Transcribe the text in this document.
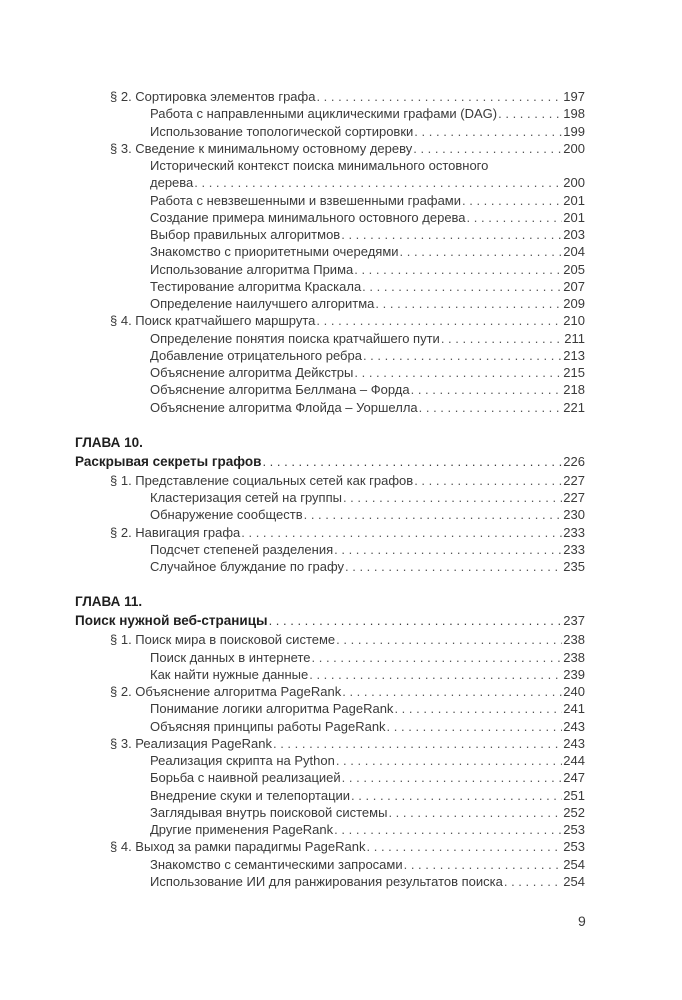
§ 2. Сортировка элементов графа . . .	197
Работа с направленными ациклическими графами (DAG) . . .	198
Использование топологической сортировки . . .	199
§ 3. Сведение к минимальному остовному дереву . . .	200
Исторический контекст поиска минимального остовного
дерева . . .	200
Работа с невзвешенными и взвешенными графами . . .	201
Создание примера минимального остовного дерева . . .	201
Выбор правильных алгоритмов . . .	203
Знакомство с приоритетными очередями . . .	204
Использование алгоритма Прима . . .	205
Тестирование алгоритма Краскала . . .	207
Определение наилучшего алгоритма . . .	209
§ 4. Поиск кратчайшего маршрута . . .	210
Определение понятия поиска кратчайшего пути . . .	211
Добавление отрицательного ребра . . .	213
Объяснение алгоритма Дейкстры . . .	215
Объяснение алгоритма Беллмана – Форда . . .	218
Объяснение алгоритма Флойда – Уоршелла . . .	221
ГЛАВА 10.
Раскрывая секреты графов . . .	226
§ 1. Представление социальных сетей как графов . . .	227
Кластеризация сетей на группы . . .	227
Обнаружение сообществ . . .	230
§ 2. Навигация графа . . .	233
Подсчет степеней разделения . . .	233
Случайное блуждание по графу . . .	235
ГЛАВА 11.
Поиск нужной веб-страницы . . .	237
§ 1. Поиск мира в поисковой системе . . .	238
Поиск данных в интернете . . .	238
Как найти нужные данные . . .	239
§ 2. Объяснение алгоритма PageRank . . .	240
Понимание логики алгоритма PageRank . . .	241
Объясняя принципы работы PageRank . . .	243
§ 3. Реализация PageRank . . .	243
Реализация скрипта на Python . . .	244
Борьба с наивной реализацией . . .	247
Внедрение скуки и телепортации . . .	251
Заглядывая внутрь поисковой системы . . .	252
Другие применения PageRank . . .	253
§ 4. Выход за рамки парадигмы PageRank . . .	253
Знакомство с семантическими запросами . . .	254
Использование ИИ для ранжирования результатов поиска . . .	254
9
